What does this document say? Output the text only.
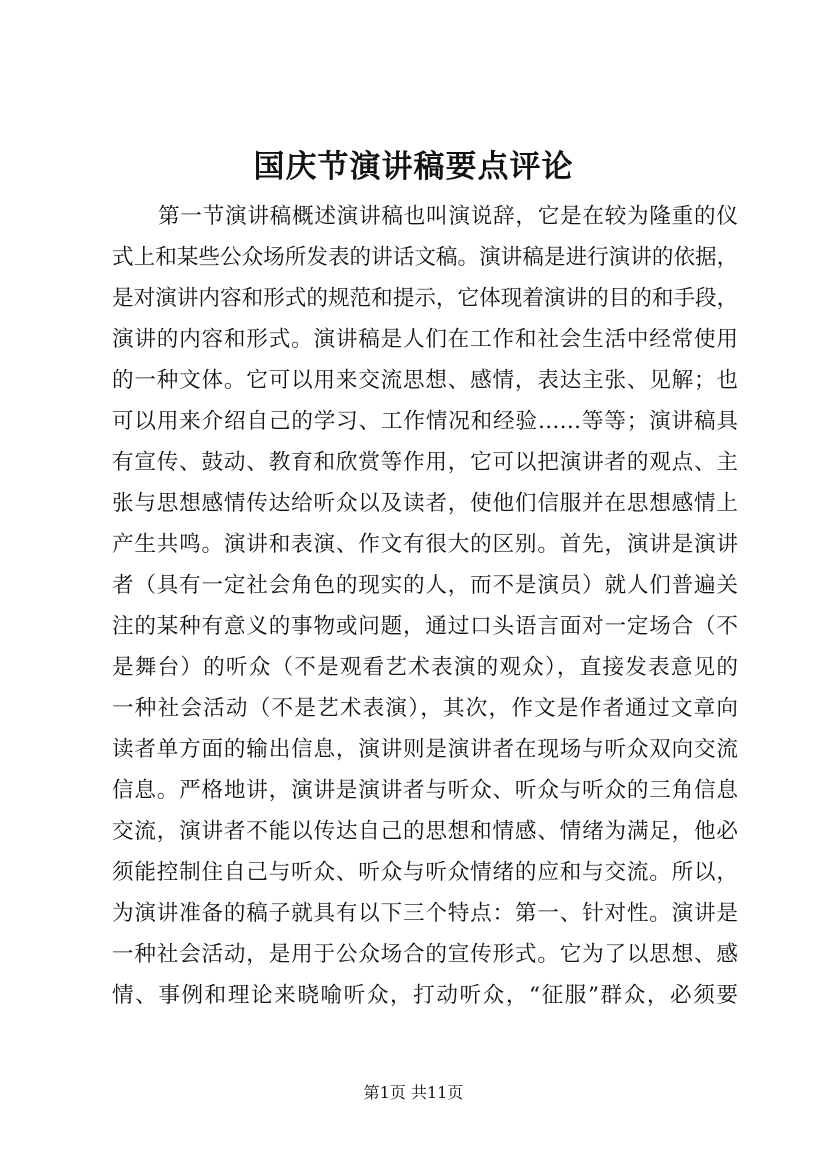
国庆节演讲稿要点评论
第一节演讲稿概述演讲稿也叫演说辞，它是在较为隆重的仪
式上和某些公众场所发表的讲话文稿。演讲稿是进行演讲的依据，
是对演讲内容和形式的规范和提示，它体现着演讲的目的和手段，
演讲的内容和形式。演讲稿是人们在工作和社会生活中经常使用
的一种文体。它可以用来交流思想、感情，表达主张、见解；也
可以用来介绍自己的学习、工作情况和经验……等等；演讲稿具
有宣传、鼓动、教育和欣赏等作用，它可以把演讲者的观点、主
张与思想感情传达给听众以及读者，使他们信服并在思想感情上
产生共鸣。演讲和表演、作文有很大的区别。首先，演讲是演讲
者（具有一定社会角色的现实的人，而不是演员）就人们普遍关
注的某种有意义的事物或问题，通过口头语言面对一定场合（不
是舞台）的听众（不是观看艺术表演的观众），直接发表意见的
一种社会活动（不是艺术表演），其次，作文是作者通过文章向
读者单方面的输出信息，演讲则是演讲者在现场与听众双向交流
信息。严格地讲，演讲是演讲者与听众、听众与听众的三角信息
交流，演讲者不能以传达自己的思想和情感、情绪为满足，他必
须能控制住自己与听众、听众与听众情绪的应和与交流。所以，
为演讲准备的稿子就具有以下三个特点：第一、针对性。演讲是
一种社会活动，是用于公众场合的宣传形式。它为了以思想、感
情、事例和理论来晓喻听众，打动听众，“征服”群众，必须要
第1页 共11页
